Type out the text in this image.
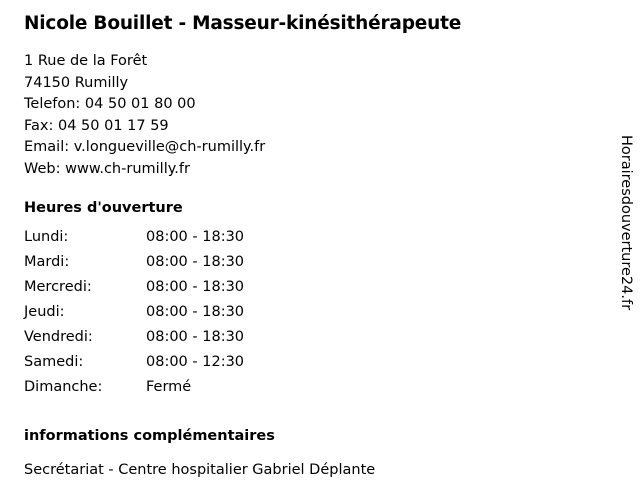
Nicole Bouillet - Masseur-kinésithérapeute
1 Rue de la Forêt
74150 Rumilly
Telefon: 04 50 01 80 00
Fax: 04 50 01 17 59
Email: v.longueville@ch-rumilly.fr
Web: www.ch-rumilly.fr
Heures d'ouverture
Lundi:	08:00 - 18:30
Mardi:	08:00 - 18:30
Mercredi:	08:00 - 18:30
Jeudi:	08:00 - 18:30
Vendredi:	08:00 - 18:30
Samedi:	08:00 - 12:30
Dimanche:	Fermé
informations complémentaires
Secrétariat - Centre hospitalier Gabriel Déplante
Horairesdouverture24.fr
